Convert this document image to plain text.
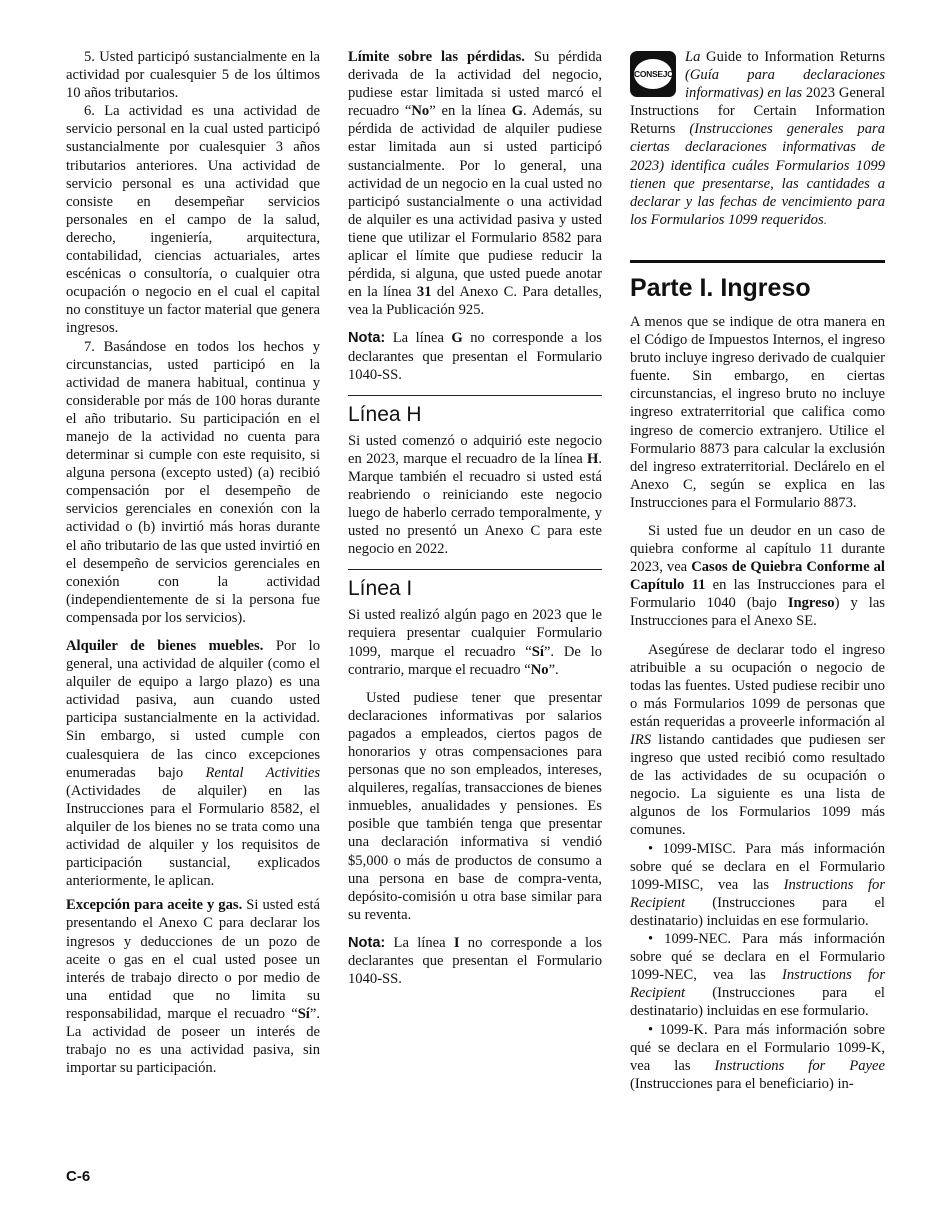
5. Usted participó sustancialmente en la actividad por cualesquier 5 de los últimos 10 años tributarios.

6. La actividad es una actividad de servicio personal en la cual usted participó sustancialmente por cualesquier 3 años tributarios anteriores. Una actividad de servicio personal es una actividad que consiste en desempeñar servicios personales en el campo de la salud, derecho, ingeniería, arquitectura, contabilidad, ciencias actuariales, artes escénicas o consultoría, o cualquier otra ocupación o negocio en el cual el capital no constituye un factor material que genera ingresos.

7. Basándose en todos los hechos y circunstancias, usted participó en la actividad de manera habitual, continua y considerable por más de 100 horas durante el año tributario. Su participación en el manejo de la actividad no cuenta para determinar si cumple con este requisito, si alguna persona (excepto usted) (a) recibió compensación por el desempeño de servicios gerenciales en conexión con la actividad o (b) invirtió más horas durante el año tributario de las que usted invirtió en el desempeño de servicios gerenciales en conexión con la actividad (independientemente de si la persona fue compensada por los servicios).

Alquiler de bienes muebles. Por lo general, una actividad de alquiler (como el alquiler de equipo a largo plazo) es una actividad pasiva, aun cuando usted participa sustancialmente en la actividad. Sin embargo, si usted cumple con cualesquiera de las cinco excepciones enumeradas bajo Rental Activities (Actividades de alquiler) en las Instrucciones para el Formulario 8582, el alquiler de los bienes no se trata como una actividad de alquiler y los requisitos de participación sustancial, explicados anteriormente, le aplican.

Excepción para aceite y gas. Si usted está presentando el Anexo C para declarar los ingresos y deducciones de un pozo de aceite o gas en el cual usted posee un interés de trabajo directo o por medio de una entidad que no limita su responsabilidad, marque el recuadro “Sí”. La actividad de poseer un interés de trabajo no es una actividad pasiva, sin importar su participación.

Límite sobre las pérdidas. Su pérdida derivada de la actividad del negocio, pudiese estar limitada si usted marcó el recuadro “No” en la línea G. Además, su pérdida de actividad de alquiler pudiese estar limitada aun si usted participó sustancialmente. Por lo general, una actividad de un negocio en la cual usted no participó sustancialmente o una actividad de alquiler es una actividad pasiva y usted tiene que utilizar el Formulario 8582 para aplicar el límite que pudiese reducir la pérdida, si alguna, que usted puede anotar en la línea 31 del Anexo C. Para detalles, vea la Publicación 925.

Nota: La línea G no corresponde a los declarantes que presentan el Formulario 1040-SS.

Línea H

Si usted comenzó o adquirió este negocio en 2023, marque el recuadro de la línea H. Marque también el recuadro si usted está reabriendo o reiniciando este negocio luego de haberlo cerrado temporalmente, y usted no presentó un Anexo C para este negocio en 2022.

Línea I

Si usted realizó algún pago en 2023 que le requiera presentar cualquier Formulario 1099, marque el recuadro “Sí”. De lo contrario, marque el recuadro “No”.

Usted pudiese tener que presentar declaraciones informativas por salarios pagados a empleados, ciertos pagos de honorarios y otras compensaciones para personas que no son empleados, intereses, alquileres, regalías, transacciones de bienes inmuebles, anualidades y pensiones. Es posible que también tenga que presentar una declaración informativa si vendió $5,000 o más de productos de consumo a una persona en base de compra-venta, depósito-comisión u otra base similar para su reventa.

Nota: La línea I no corresponde a los declarantes que presentan el Formulario 1040-SS.

CONSEJO

La Guide to Information Returns (Guía para declaraciones informativas) en las 2023 General Instructions for Certain Information Returns (Instrucciones generales para ciertas declaraciones informativas de 2023) identifica cuáles Formularios 1099 tienen que presentarse, las cantidades a declarar y las fechas de vencimiento para los Formularios 1099 requeridos.

Parte I. Ingreso

A menos que se indique de otra manera en el Código de Impuestos Internos, el ingreso bruto incluye ingreso derivado de cualquier fuente. Sin embargo, en ciertas circunstancias, el ingreso bruto no incluye ingreso extraterritorial que califica como ingreso de comercio extranjero. Utilice el Formulario 8873 para calcular la exclusión del ingreso extraterritorial. Declárelo en el Anexo C, según se explica en las Instrucciones para el Formulario 8873.

Si usted fue un deudor en un caso de quiebra conforme al capítulo 11 durante 2023, vea Casos de Quiebra Conforme al Capítulo 11 en las Instrucciones para el Formulario 1040 (bajo Ingreso) y las Instrucciones para el Anexo SE.

Asegúrese de declarar todo el ingreso atribuible a su ocupación o negocio de todas las fuentes. Usted pudiese recibir uno o más Formularios 1099 de personas que están requeridas a proveerle información al IRS listando cantidades que pudiesen ser ingreso que usted recibió como resultado de las actividades de su ocupación o negocio. La siguiente es una lista de algunos de los Formularios 1099 más comunes.

• 1099-MISC. Para más información sobre qué se declara en el Formulario 1099-MISC, vea las Instructions for Recipient (Instrucciones para el destinatario) incluidas en ese formulario.

• 1099-NEC. Para más información sobre qué se declara en el Formulario 1099-NEC, vea las Instructions for Recipient (Instrucciones para el destinatario) incluidas en ese formulario.

• 1099-K. Para más información sobre qué se declara en el Formulario 1099-K, vea las Instructions for Payee (Instrucciones para el beneficiario) in-

C-6
